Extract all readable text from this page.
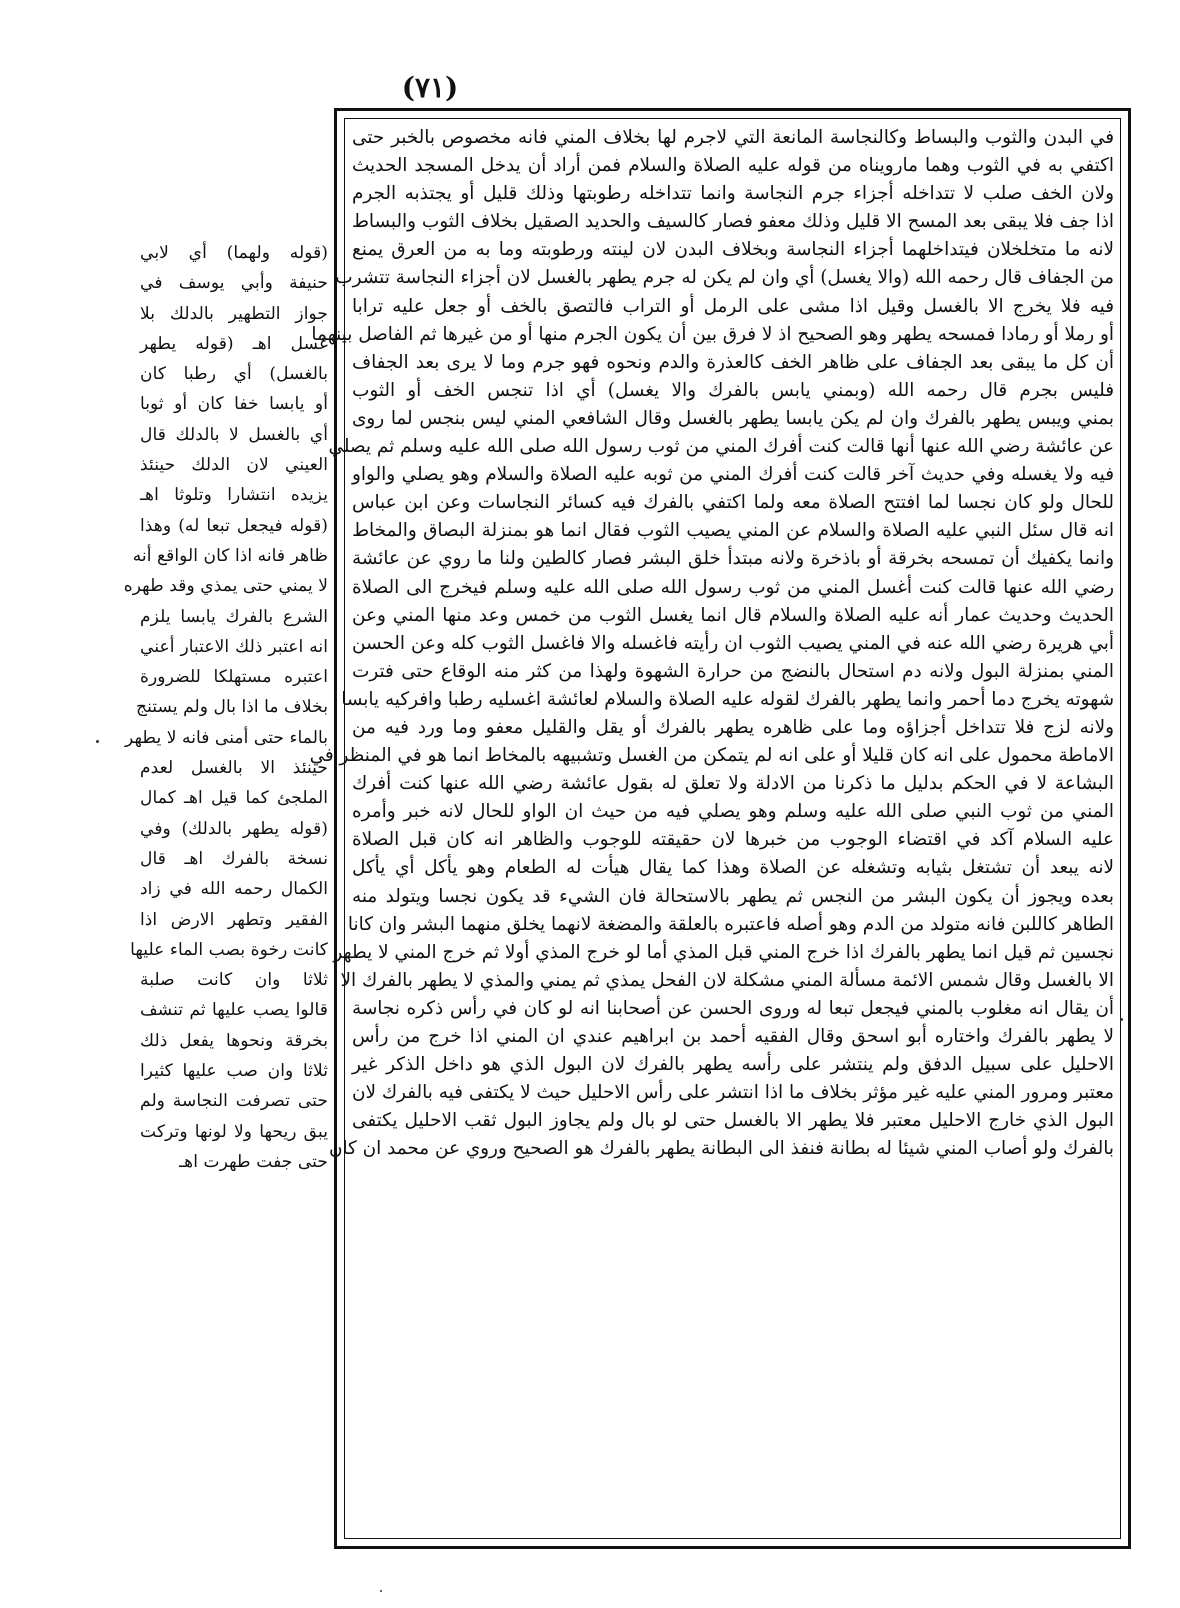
(٧١)
في البدن والثوب والبساط وكالنجاسة المانعة التي لاجرم لها بخلاف المني فانه مخصوص بالخبر حتى
اكتفي به في الثوب وهما مارويناه من قوله عليه الصلاة والسلام فمن أراد أن يدخل المسجد الحديث
ولان الخف صلب لا تتداخله أجزاء جرم النجاسة وانما تتداخله رطوبتها وذلك قليل أو يجتذبه الجرم
اذا جف فلا يبقى بعد المسح الا قليل وذلك معفو فصار كالسيف والحديد الصقيل بخلاف الثوب والبساط
لانه ما متخلخلان فيتداخلهما أجزاء النجاسة وبخلاف البدن لان لينته ورطوبته وما به من العرق يمنع
من الجفاف قال رحمه الله (والا يغسل) أي وان لم يكن له جرم يطهر بالغسل لان أجزاء النجاسة تتشرب
فيه فلا يخرج الا بالغسل وقيل اذا مشى على الرمل أو التراب فالتصق بالخف أو جعل عليه ترابا
أو رملا أو رمادا فمسحه يطهر وهو الصحيح اذ لا فرق بين أن يكون الجرم منها أو من غيرها ثم الفاصل بينهما
أن كل ما يبقى بعد الجفاف على ظاهر الخف كالعذرة والدم ونحوه فهو جرم وما لا يرى بعد الجفاف
فليس بجرم قال رحمه الله (وبمني يابس بالفرك والا يغسل) أي اذا تنجس الخف أو الثوب
بمني ويبس يطهر بالفرك وان لم يكن يابسا يطهر بالغسل وقال الشافعي المني ليس بنجس لما روى
عن عائشة رضي الله عنها أنها قالت كنت أفرك المني من ثوب رسول الله صلى الله عليه وسلم ثم يصلي
فيه ولا يغسله وفي حديث آخر قالت كنت أفرك المني من ثوبه عليه الصلاة والسلام وهو يصلي والواو
للحال ولو كان نجسا لما افتتح الصلاة معه ولما اكتفي بالفرك فيه كسائر النجاسات وعن ابن عباس
انه قال سئل النبي عليه الصلاة والسلام عن المني يصيب الثوب فقال انما هو بمنزلة البصاق والمخاط
وانما يكفيك أن تمسحه بخرقة أو باذخرة ولانه مبتدأ خلق البشر فصار كالطين ولنا ما روي عن عائشة
رضي الله عنها قالت كنت أغسل المني من ثوب رسول الله صلى الله عليه وسلم فيخرج الى الصلاة
الحديث وحديث عمار أنه عليه الصلاة والسلام قال انما يغسل الثوب من خمس وعد منها المني وعن
أبي هريرة رضي الله عنه في المني يصيب الثوب ان رأيته فاغسله والا فاغسل الثوب كله وعن الحسن
المني بمنزلة البول ولانه دم استحال بالنضج من حرارة الشهوة ولهذا من كثر منه الوقاع حتى فترت
شهوته يخرج دما أحمر وانما يطهر بالفرك لقوله عليه الصلاة والسلام لعائشة اغسليه رطبا وافركيه يابسا
ولانه لزج فلا تتداخل أجزاؤه وما على ظاهره يطهر بالفرك أو يقل والقليل معفو وما ورد فيه من
الاماطة محمول على انه كان قليلا أو على انه لم يتمكن من الغسل وتشبيهه بالمخاط انما هو في المنظر في
البشاعة لا في الحكم بدليل ما ذكرنا من الادلة ولا تعلق له بقول عائشة رضي الله عنها كنت أفرك
المني من ثوب النبي صلى الله عليه وسلم وهو يصلي فيه من حيث ان الواو للحال لانه خبر وأمره
عليه السلام آكد في اقتضاء الوجوب من خبرها لان حقيقته للوجوب والظاهر انه كان قبل الصلاة
لانه يبعد أن تشتغل بثيابه وتشغله عن الصلاة وهذا كما يقال هيأت له الطعام وهو يأكل أي يأكل
بعده ويجوز أن يكون البشر من النجس ثم يطهر بالاستحالة فان الشيء قد يكون نجسا ويتولد منه
الطاهر كاللبن فانه متولد من الدم وهو أصله فاعتبره بالعلقة والمضغة لانهما يخلق منهما البشر وان كانا
نجسين ثم قيل انما يطهر بالفرك اذا خرج المني قبل المذي أما لو خرج المذي أولا ثم خرج المني لا يطهر
الا بالغسل وقال شمس الائمة مسألة المني مشكلة لان الفحل يمذي ثم يمني والمذي لا يطهر بالفرك الا
أن يقال انه مغلوب بالمني فيجعل تبعا له وروى الحسن عن أصحابنا انه لو كان في رأس ذكره نجاسة
لا يطهر بالفرك واختاره أبو اسحق وقال الفقيه أحمد بن ابراهيم عندي ان المني اذا خرج من رأس
الاحليل على سبيل الدفق ولم ينتشر على رأسه يطهر بالفرك لان البول الذي هو داخل الذكر غير
معتبر ومرور المني عليه غير مؤثر بخلاف ما اذا انتشر على رأس الاحليل حيث لا يكتفى فيه بالفرك لان
البول الذي خارج الاحليل معتبر فلا يطهر الا بالغسل حتى لو بال ولم يجاوز البول ثقب الاحليل يكتفى
بالفرك ولو أصاب المني شيئا له بطانة فنفذ الى البطانة يطهر بالفرك هو الصحيح وروي عن محمد ان كان
(قوله ولهما) أي لابي
حنيفة وأبي يوسف في
جواز التطهير بالدلك بلا
غسل اهـ (قوله يطهر
بالغسل) أي رطبا كان
أو يابسا خفا كان أو ثوبا
أي بالغسل لا بالدلك قال
العيني لان الدلك حينئذ
يزيده انتشارا وتلوثا اهـ
(قوله فيجعل تبعا له) وهذا
ظاهر فانه اذا كان الواقع أنه
لا يمني حتى يمذي وقد طهره
الشرع بالفرك يابسا يلزم
انه اعتبر ذلك الاعتبار أعني
اعتبره مستهلكا للضرورة
بخلاف ما اذا بال ولم يستنج
بالماء حتى أمنى فانه لا يطهر
حينئذ الا بالغسل لعدم
الملجئ كما قيل اهـ كمال
(قوله يطهر بالدلك) وفي
نسخة بالفرك اهـ قال
الكمال رحمه الله في زاد
الفقير وتطهر الارض اذا
كانت رخوة بصب الماء عليها
ثلاثا وان كانت صلبة
قالوا يصب عليها ثم تنشف
بخرقة ونحوها يفعل ذلك
ثلاثا وان صب عليها كثيرا
حتى تصرفت النجاسة ولم
يبق ريحها ولا لونها وتركت
حتى جفت طهرت اهـ
